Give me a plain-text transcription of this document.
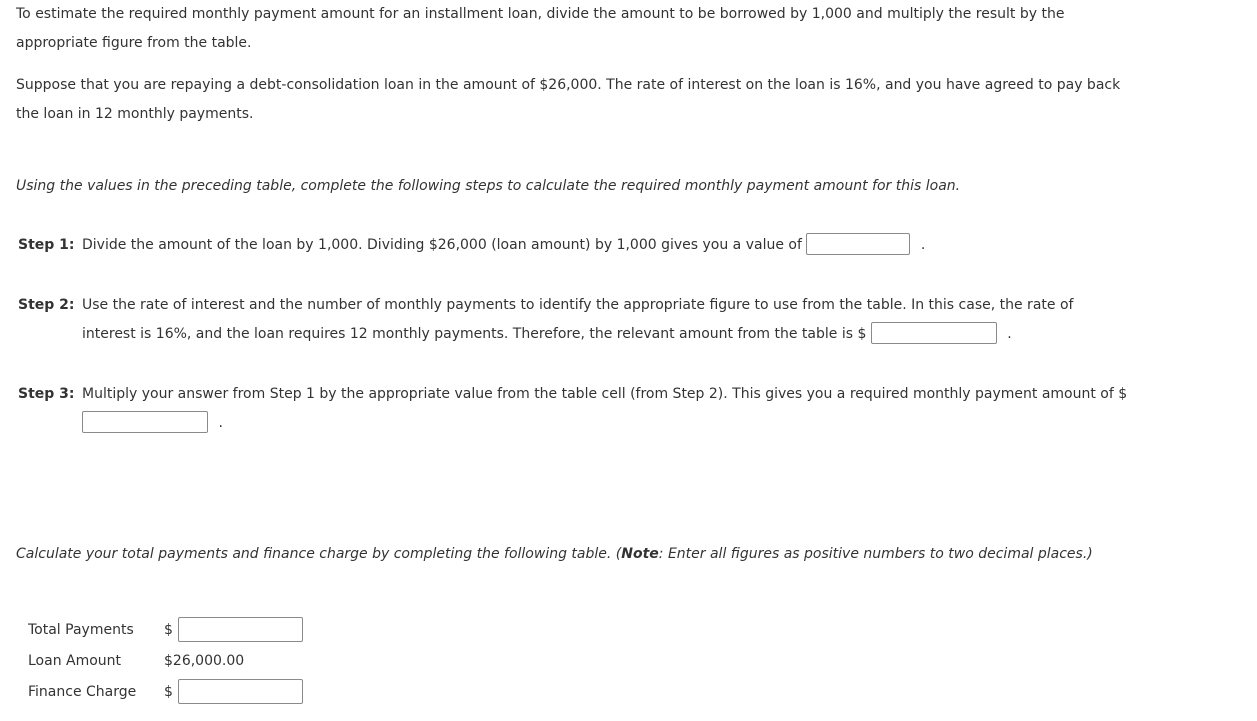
To estimate the required monthly payment amount for an installment loan, divide the amount to be borrowed by 1,000 and multiply the result by the appropriate figure from the table.

Suppose that you are repaying a debt-consolidation loan in the amount of $26,000. The rate of interest on the loan is 16%, and you have agreed to pay back the loan in 12 monthly payments.

Using the values in the preceding table, complete the following steps to calculate the required monthly payment amount for this loan.

Step 1: Divide the amount of the loan by 1,000. Dividing $26,000 (loan amount) by 1,000 gives you a value of	.
Step 2: Use the rate of interest and the number of monthly payments to identify the appropriate figure to use from the table. In this case, the rate of interest is 16%, and the loan requires 12 monthly payments. Therefore, the relevant amount from the table is $	.
Step 3: Multiply your answer from Step 1 by the appropriate value from the table cell (from Step 2). This gives you a required monthly payment amount of $  .

Calculate your total payments and finance charge by completing the following table. (Note: Enter all figures as positive numbers to two decimal places.)

Total Payments	$
Loan Amount	$26,000.00
Finance Charge	$
